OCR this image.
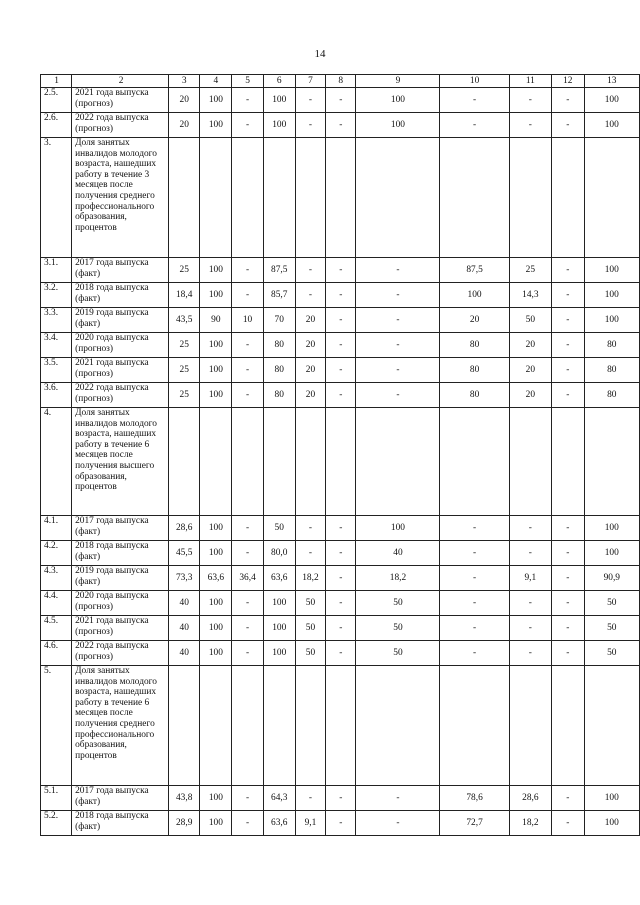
14
1	2	3	4	5	6	7	8	9	10	11	12	13
2.5.	2021 года выпуска (прогноз)	20	100	-	100	-	-	100	-	-	-	100
2.6.	2022 года выпуска (прогноз)	20	100	-	100	-	-	100	-	-	-	100
3.	Доля занятых инвалидов молодого возраста, нашедших работу в течение 3 месяцев после получения среднего профессионального образования, процентов											
3.1.	2017 года выпуска (факт)	25	100	-	87,5	-	-	-	87,5	25	-	100
3.2.	2018 года выпуска (факт)	18,4	100	-	85,7	-	-	-	100	14,3	-	100
3.3.	2019 года выпуска (факт)	43,5	90	10	70	20	-	-	20	50	-	100
3.4.	2020 года выпуска (прогноз)	25	100	-	80	20	-	-	80	20	-	80
3.5.	2021 года выпуска (прогноз)	25	100	-	80	20	-	-	80	20	-	80
3.6.	2022 года выпуска (прогноз)	25	100	-	80	20	-	-	80	20	-	80
4.	Доля занятых инвалидов молодого возраста, нашедших работу в течение 6 месяцев после получения высшего образования, процентов											
4.1.	2017 года выпуска (факт)	28,6	100	-	50	-	-	100	-	-	-	100
4.2.	2018 года выпуска (факт)	45,5	100	-	80,0	-	-	40	-	-	-	100
4.3.	2019 года выпуска (факт)	73,3	63,6	36,4	63,6	18,2	-	18,2	-	9,1	-	90,9
4.4.	2020 года выпуска (прогноз)	40	100	-	100	50	-	50	-	-	-	50
4.5.	2021 года выпуска (прогноз)	40	100	-	100	50	-	50	-	-	-	50
4.6.	2022 года выпуска (прогноз)	40	100	-	100	50	-	50	-	-	-	50
5.	Доля занятых инвалидов молодого возраста, нашедших работу в течение 6 месяцев после получения среднего профессионального образования, процентов											
5.1.	2017 года выпуска (факт)	43,8	100	-	64,3	-	-	-	78,6	28,6	-	100
5.2.	2018 года выпуска (факт)	28,9	100	-	63,6	9,1	-	-	72,7	18,2	-	100
